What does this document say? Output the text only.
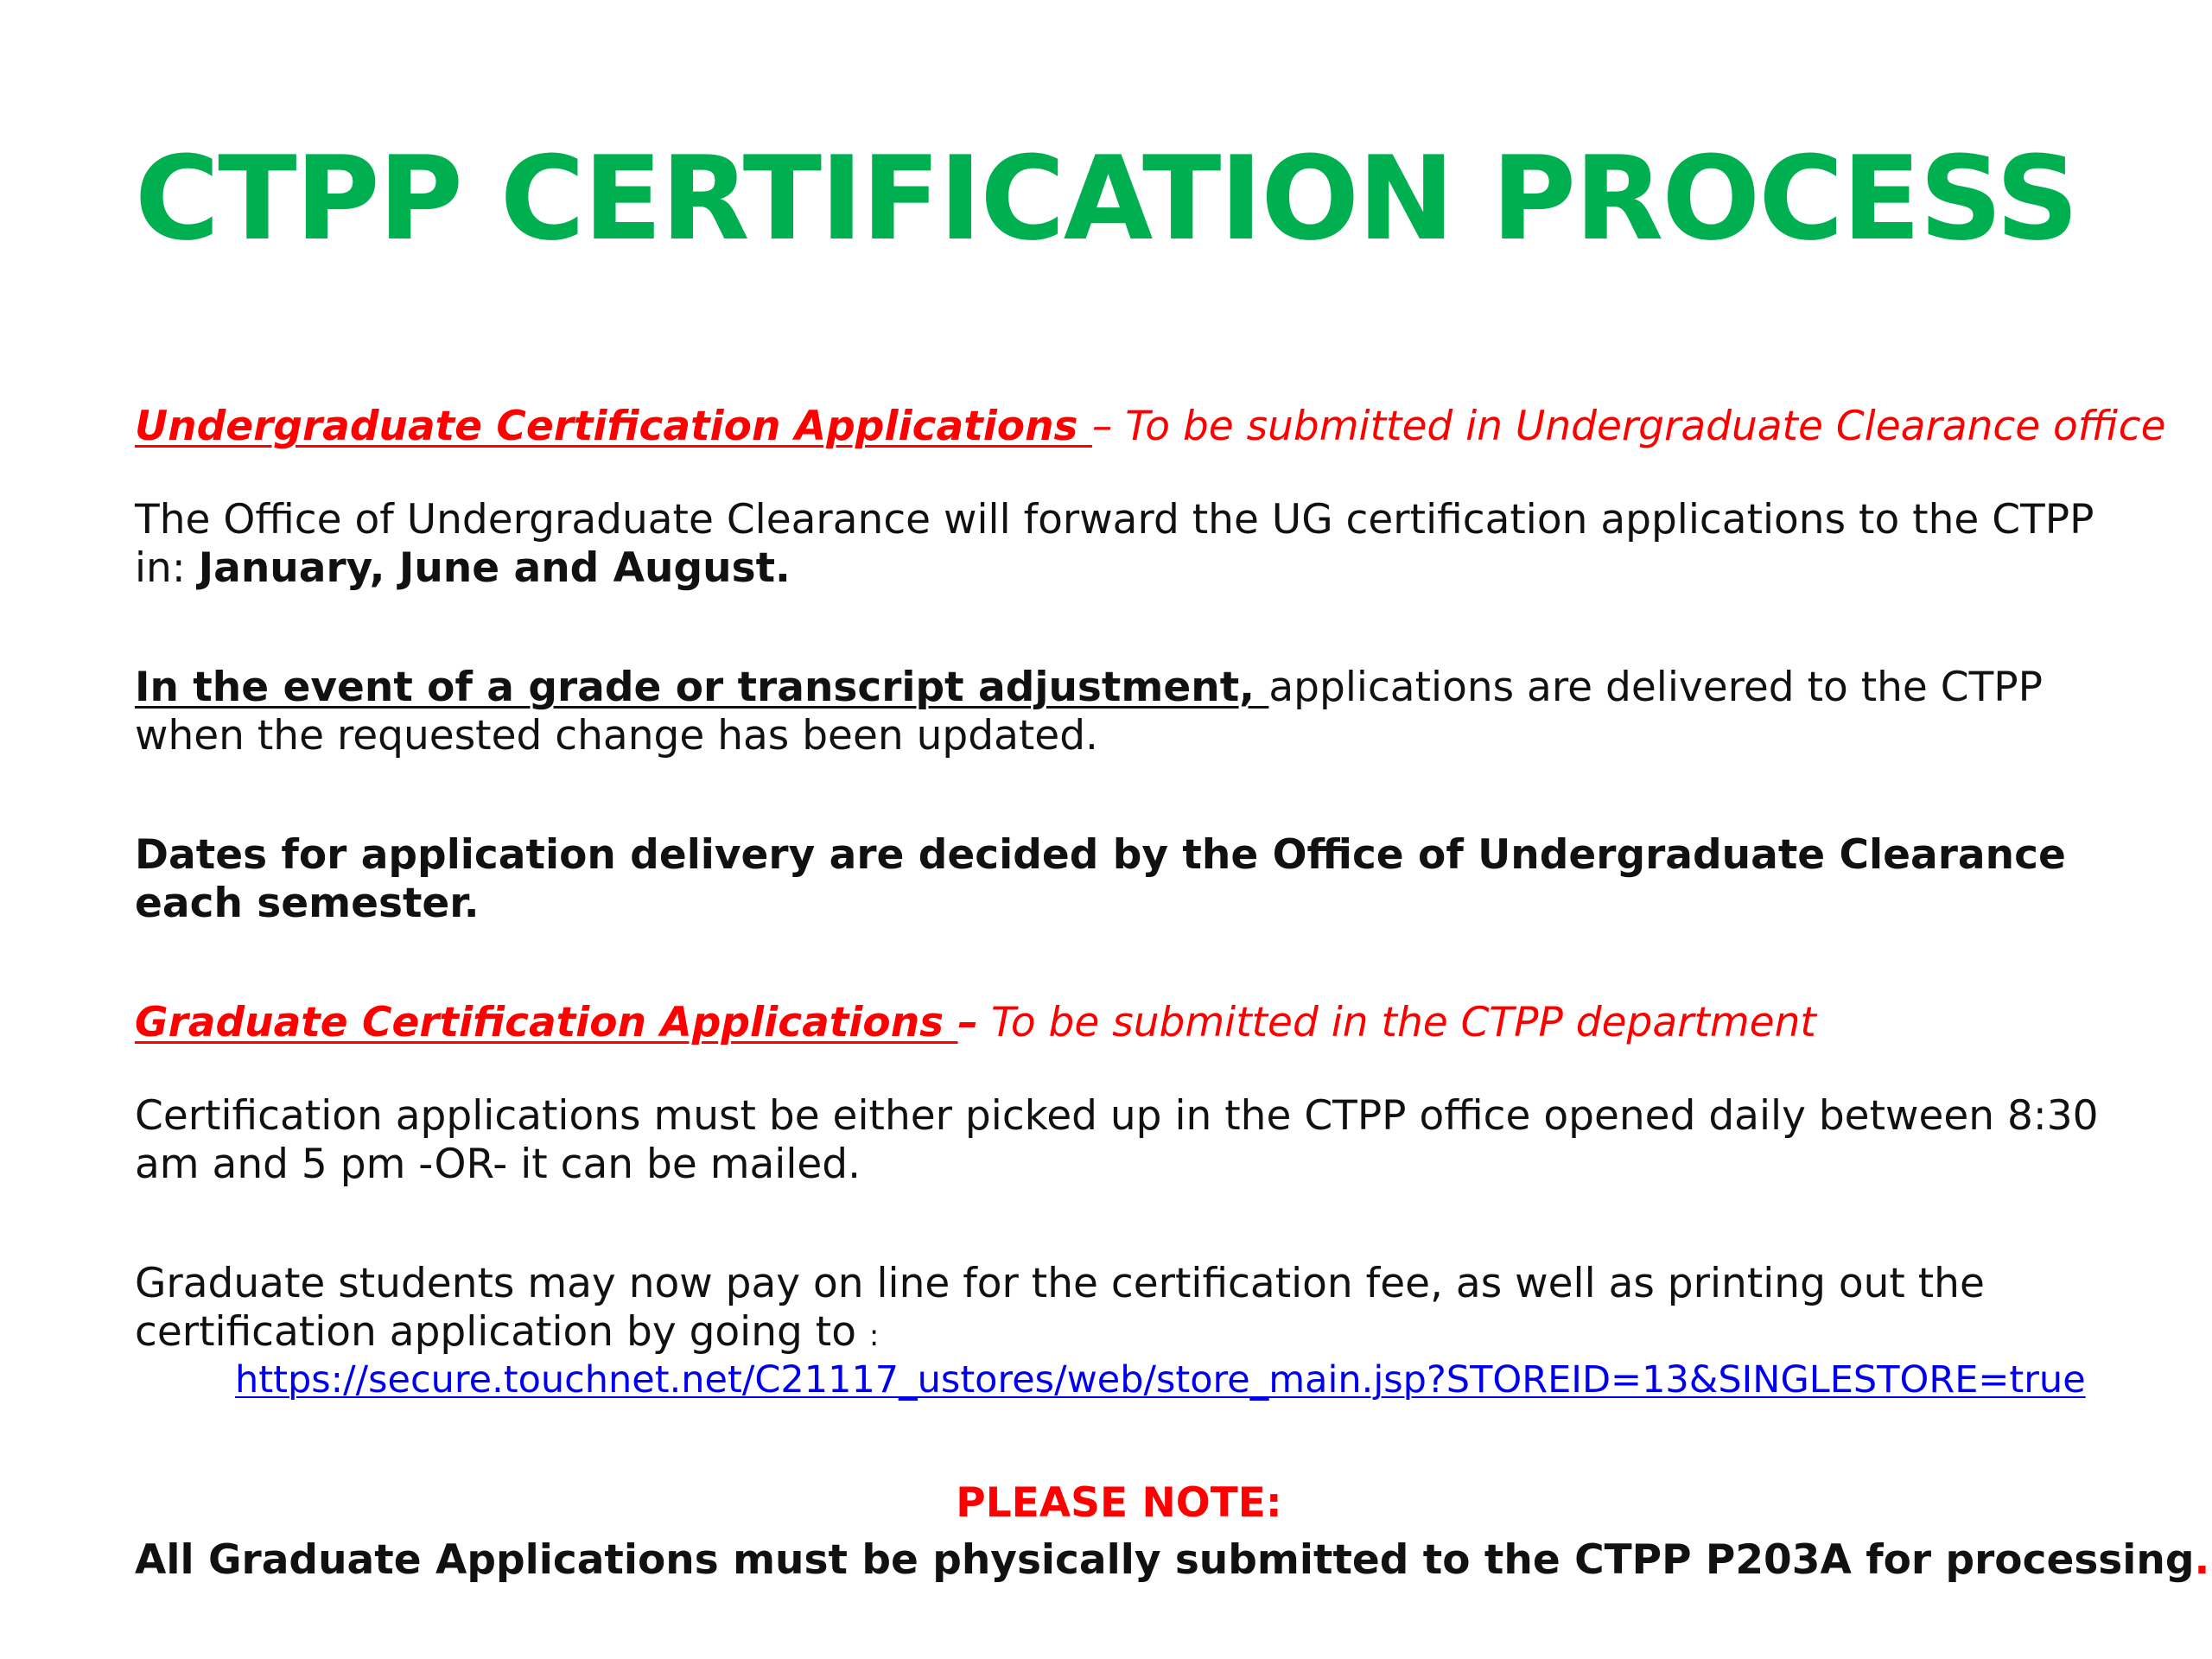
CTPP CERTIFICATION PROCESS
Undergraduate Certification Applications – To be submitted in Undergraduate Clearance office
The Office of Undergraduate Clearance will forward the UG certification applications to the CTPP in: January, June and August.
In the event of a grade or transcript adjustment, applications are delivered to the CTPP when the requested change has been updated.
Dates for application delivery are decided by the Office of Undergraduate Clearance each semester.
Graduate Certification Applications – To be submitted in the CTPP department
Certification applications must be either picked up in the CTPP office opened daily between 8:30 am and 5 pm -OR- it can be mailed.
Graduate students may now pay on line for the certification fee, as well as printing out the certification application by going to :
https://secure.touchnet.net/C21117_ustores/web/store_main.jsp?STOREID=13&SINGLESTORE=true
PLEASE NOTE:
All Graduate Applications must be physically submitted to the CTPP P203A for processing.
